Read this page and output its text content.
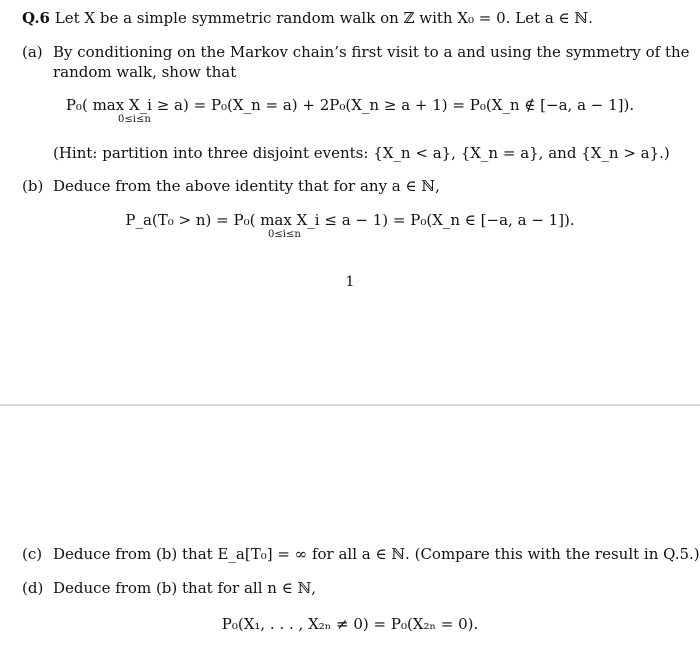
Q.6 Let X be a simple symmetric random walk on ℤ with X₀ = 0. Let a ∈ ℕ.
(a) By conditioning on the Markov chain’s first visit to a and using the symmetry of the
random walk, show that
P₀( max X_i ≥ a) = P₀(X_n = a) + 2P₀(X_n ≥ a + 1) = P₀(X_n ∉ [−a, a − 1]).
0≤i≤n
(Hint: partition into three disjoint events: {X_n < a}, {X_n = a}, and {X_n > a}.)
(b) Deduce from the above identity that for any a ∈ ℕ,
P_a(T₀ > n) = P₀( max X_i ≤ a − 1) = P₀(X_n ∈ [−a, a − 1]).
0≤i≤n
1
(c) Deduce from (b) that E_a[T₀] = ∞ for all a ∈ ℕ. (Compare this with the result in Q.5.)
(d) Deduce from (b) that for all n ∈ ℕ,
P₀(X₁, . . . , X₂ₙ ≠ 0) = P₀(X₂ₙ = 0).
